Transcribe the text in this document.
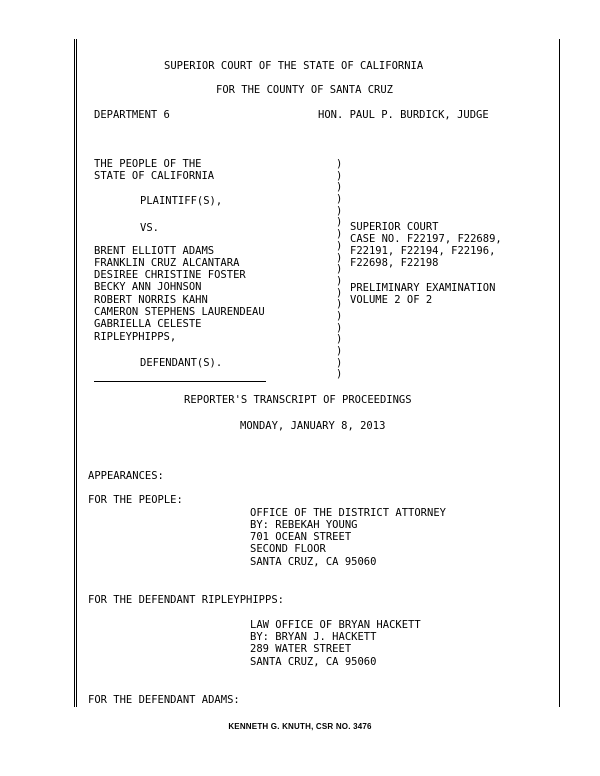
SUPERIOR COURT OF THE STATE OF CALIFORNIA
FOR THE COUNTY OF SANTA CRUZ
DEPARTMENT 6	HON. PAUL P. BURDICK, JUDGE
THE PEOPLE OF THE
STATE OF CALIFORNIA
PLAINTIFF(S),
VS.
BRENT ELLIOTT ADAMS
FRANKLIN CRUZ ALCANTARA
DESIREE CHRISTINE FOSTER
BECKY ANN JOHNSON
ROBERT NORRIS KAHN
CAMERON STEPHENS LAURENDEAU
GABRIELLA CELESTE
RIPLEYPHIPPS,
DEFENDANT(S).
__
)
)
)
)
)
)
)
)
)
)
)
)
)
)
)
)
)
)
)
SUPERIOR COURT
CASE NO. F22197, F22689,
F22191, F22194, F22196,
F22698, F22198
PRELIMINARY EXAMINATION
VOLUME 2 OF 2
REPORTER'S TRANSCRIPT OF PROCEEDINGS
MONDAY, JANUARY 8, 2013
APPEARANCES:
FOR THE PEOPLE:
OFFICE OF THE DISTRICT ATTORNEY
BY: REBEKAH YOUNG
701 OCEAN STREET
SECOND FLOOR
SANTA CRUZ, CA 95060
FOR THE DEFENDANT RIPLEYPHIPPS:
LAW OFFICE OF BRYAN HACKETT
BY: BRYAN J. HACKETT
289 WATER STREET
SANTA CRUZ, CA 95060
FOR THE DEFENDANT ADAMS:
KENNETH G. KNUTH, CSR NO. 3476
